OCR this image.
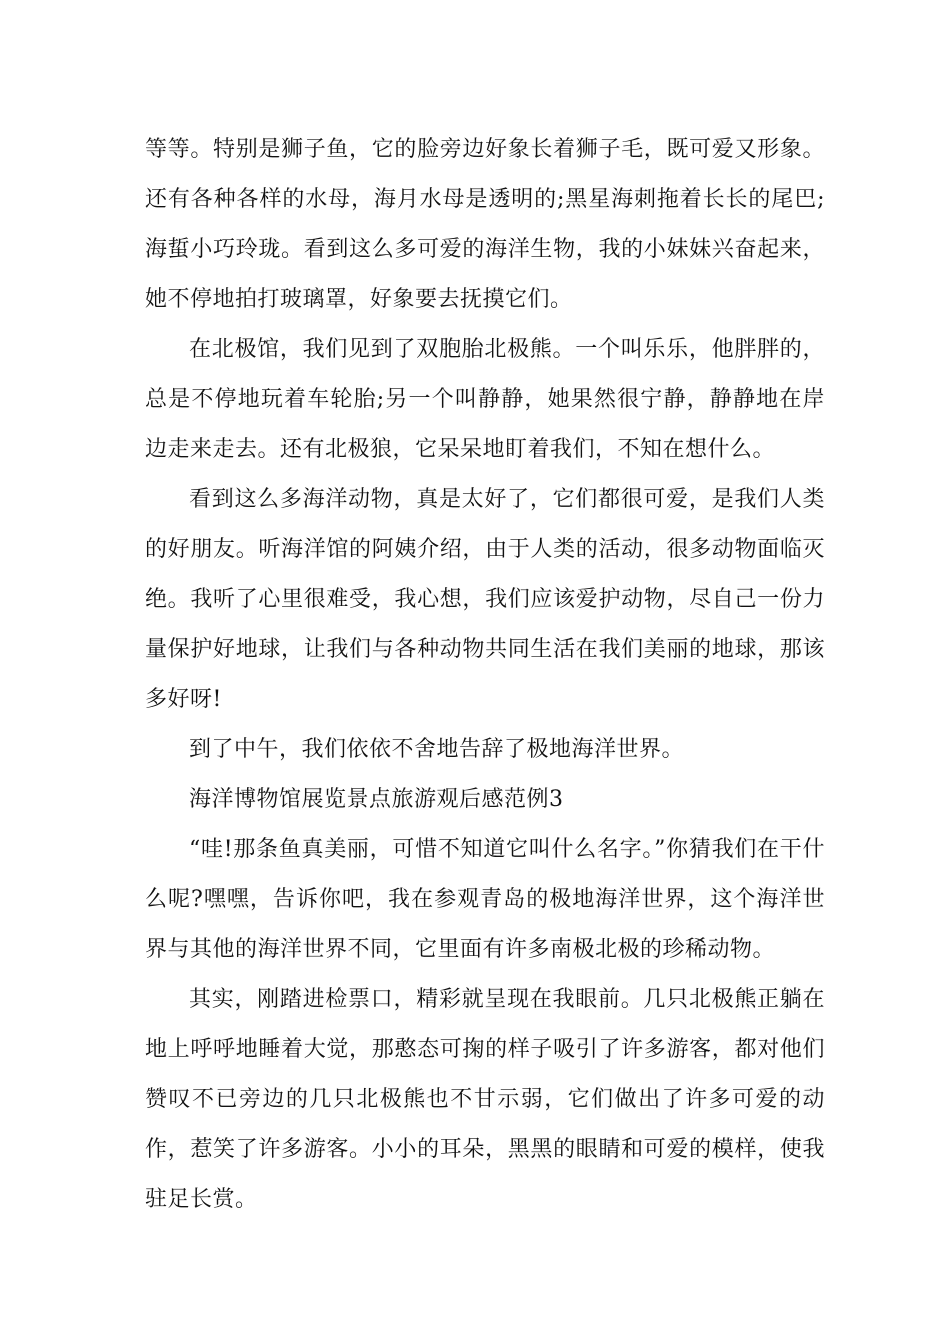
等等。特别是狮子鱼，它的脸旁边好象长着狮子毛，既可爱又形象。还有各种各样的水母，海月水母是透明的;黑星海刺拖着长长的尾巴;海蜇小巧玲珑。看到这么多可爱的海洋生物，我的小妹妹兴奋起来，她不停地拍打玻璃罩，好象要去抚摸它们。

在北极馆，我们见到了双胞胎北极熊。一个叫乐乐，他胖胖的，总是不停地玩着车轮胎;另一个叫静静，她果然很宁静，静静地在岸边走来走去。还有北极狼，它呆呆地盯着我们，不知在想什么。

看到这么多海洋动物，真是太好了，它们都很可爱，是我们人类的好朋友。听海洋馆的阿姨介绍，由于人类的活动，很多动物面临灭绝。我听了心里很难受，我心想，我们应该爱护动物，尽自己一份力量保护好地球，让我们与各种动物共同生活在我们美丽的地球，那该多好呀!

到了中午，我们依依不舍地告辞了极地海洋世界。

海洋博物馆展览景点旅游观后感范例3

“哇!那条鱼真美丽，可惜不知道它叫什么名字。”你猜我们在干什么呢?嘿嘿，告诉你吧，我在参观青岛的极地海洋世界，这个海洋世界与其他的海洋世界不同，它里面有许多南极北极的珍稀动物。

其实，刚踏进检票口，精彩就呈现在我眼前。几只北极熊正躺在地上呼呼地睡着大觉，那憨态可掬的样子吸引了许多游客，都对他们赞叹不已旁边的几只北极熊也不甘示弱，它们做出了许多可爱的动作，惹笑了许多游客。小小的耳朵，黑黑的眼睛和可爱的模样，使我驻足长赏。
